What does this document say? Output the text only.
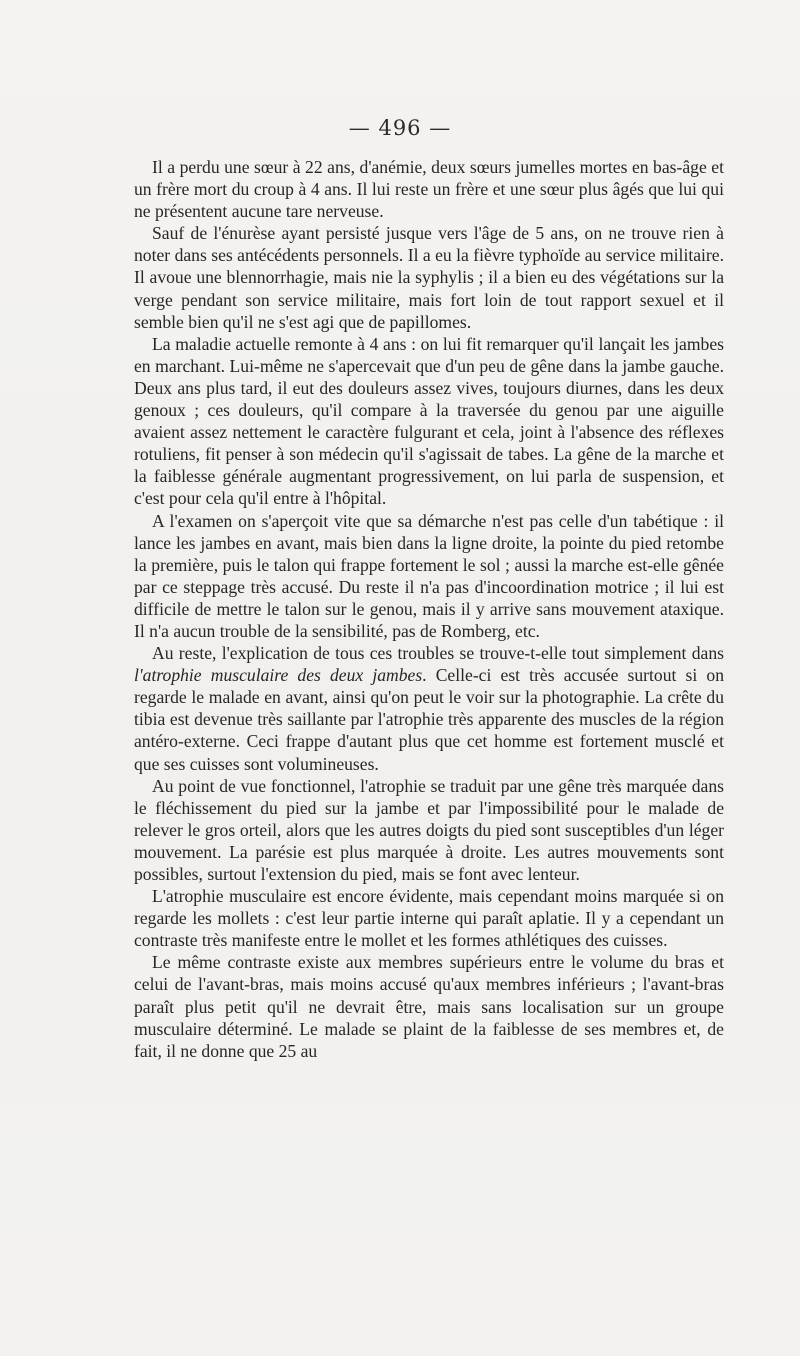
— 496 —

Il a perdu une sœur à 22 ans, d'anémie, deux sœurs jumelles mortes en bas-âge et un frère mort du croup à 4 ans. Il lui reste un frère et une sœur plus âgés que lui qui ne présentent aucune tare nerveuse.

Sauf de l'énurèse ayant persisté jusque vers l'âge de 5 ans, on ne trouve rien à noter dans ses antécédents personnels. Il a eu la fièvre typhoïde au service militaire. Il avoue une blennorrhagie, mais nie la syphylis ; il a bien eu des végétations sur la verge pendant son service militaire, mais fort loin de tout rapport sexuel et il semble bien qu'il ne s'est agi que de papillomes.

La maladie actuelle remonte à 4 ans : on lui fit remarquer qu'il lançait les jambes en marchant. Lui-même ne s'apercevait que d'un peu de gêne dans la jambe gauche. Deux ans plus tard, il eut des douleurs assez vives, toujours diurnes, dans les deux genoux ; ces douleurs, qu'il compare à la traversée du genou par une aiguille avaient assez nettement le caractère fulgurant et cela, joint à l'absence des réflexes rotuliens, fit penser à son médecin qu'il s'agissait de tabes. La gêne de la marche et la faiblesse générale augmentant progressivement, on lui parla de suspension, et c'est pour cela qu'il entre à l'hôpital.

A l'examen on s'aperçoit vite que sa démarche n'est pas celle d'un tabétique : il lance les jambes en avant, mais bien dans la ligne droite, la pointe du pied retombe la première, puis le talon qui frappe fortement le sol ; aussi la marche est-elle gênée par ce steppage très accusé. Du reste il n'a pas d'incoordination motrice ; il lui est difficile de mettre le talon sur le genou, mais il y arrive sans mouvement ataxique. Il n'a aucun trouble de la sensibilité, pas de Romberg, etc.

Au reste, l'explication de tous ces troubles se trouve-t-elle tout simplement dans l'atrophie musculaire des deux jambes. Celle-ci est très accusée surtout si on regarde le malade en avant, ainsi qu'on peut le voir sur la photographie. La crête du tibia est devenue très saillante par l'atrophie très apparente des muscles de la région antéro-externe. Ceci frappe d'autant plus que cet homme est fortement musclé et que ses cuisses sont volumineuses.

Au point de vue fonctionnel, l'atrophie se traduit par une gêne très marquée dans le fléchissement du pied sur la jambe et par l'impossibilité pour le malade de relever le gros orteil, alors que les autres doigts du pied sont susceptibles d'un léger mouvement. La parésie est plus marquée à droite. Les autres mouvements sont possibles, surtout l'extension du pied, mais se font avec lenteur.

L'atrophie musculaire est encore évidente, mais cependant moins marquée si on regarde les mollets : c'est leur partie interne qui paraît aplatie. Il y a cependant un contraste très manifeste entre le mollet et les formes athlétiques des cuisses.

Le même contraste existe aux membres supérieurs entre le volume du bras et celui de l'avant-bras, mais moins accusé qu'aux membres inférieurs ; l'avant-bras paraît plus petit qu'il ne devrait être, mais sans localisation sur un groupe musculaire déterminé. Le malade se plaint de la faiblesse de ses membres et, de fait, il ne donne que 25 au
